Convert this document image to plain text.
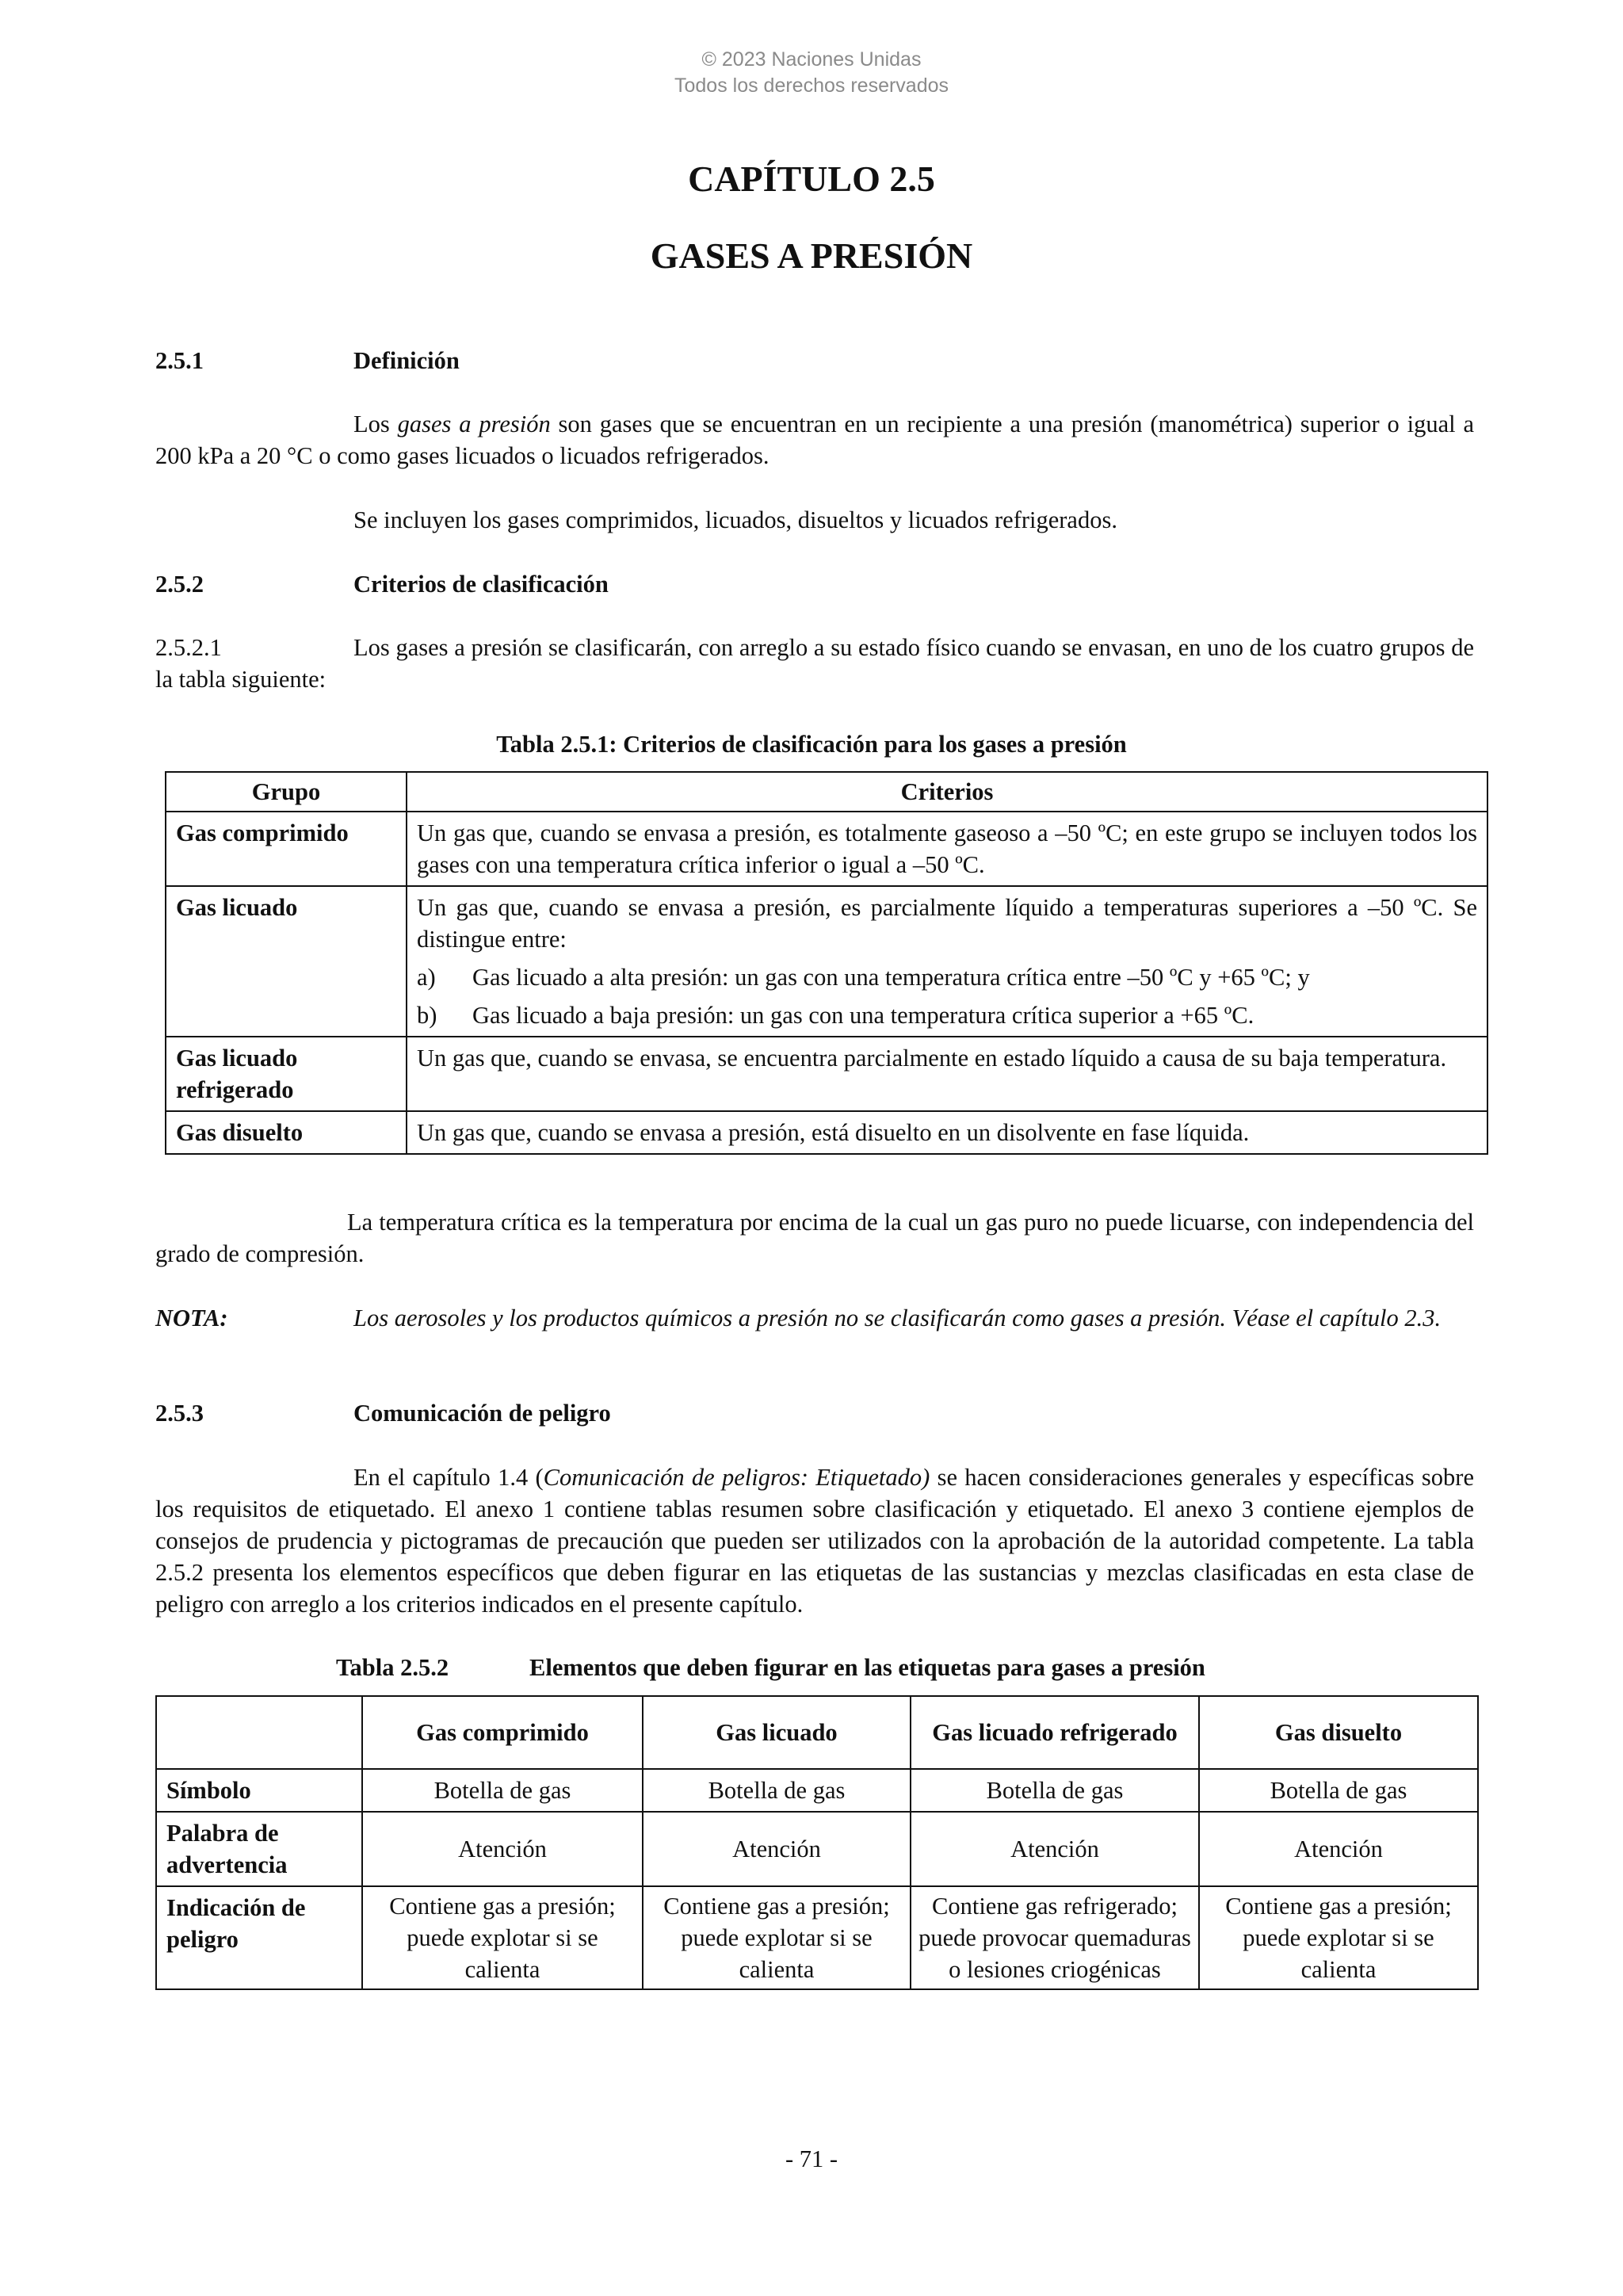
© 2023 Naciones Unidas
Todos los derechos reservados
CAPÍTULO 2.5
GASES A PRESIÓN
2.5.1	Definición
Los gases a presión son gases que se encuentran en un recipiente a una presión (manométrica) superior o igual a 200 kPa a 20 °C o como gases licuados o licuados refrigerados.
Se incluyen los gases comprimidos, licuados, disueltos y licuados refrigerados.
2.5.2	Criterios de clasificación
2.5.2.1	Los gases a presión se clasificarán, con arreglo a su estado físico cuando se envasan, en uno de los cuatro grupos de la tabla siguiente:
Tabla 2.5.1: Criterios de clasificación para los gases a presión
Grupo	Criterios
Gas comprimido	Un gas que, cuando se envasa a presión, es totalmente gaseoso a –50 ºC; en este grupo se incluyen todos los gases con una temperatura crítica inferior o igual a –50 ºC.
Gas licuado	Un gas que, cuando se envasa a presión, es parcialmente líquido a temperaturas superiores a –50 ºC. Se distingue entre:
a) Gas licuado a alta presión: un gas con una temperatura crítica entre –50 ºC y +65 ºC; y
b) Gas licuado a baja presión: un gas con una temperatura crítica superior a +65 ºC.

Gas licuado refrigerado	Un gas que, cuando se envasa, se encuentra parcialmente en estado líquido a causa de su baja temperatura.
Gas disuelto	Un gas que, cuando se envasa a presión, está disuelto en un disolvente en fase líquida.
La temperatura crítica es la temperatura por encima de la cual un gas puro no puede licuarse, con independencia del grado de compresión.
NOTA:	Los aerosoles y los productos químicos a presión no se clasificarán como gases a presión. Véase el capítulo 2.3.
2.5.3	Comunicación de peligro
En el capítulo 1.4 (Comunicación de peligros: Etiquetado) se hacen consideraciones generales y específicas sobre los requisitos de etiquetado. El anexo 1 contiene tablas resumen sobre clasificación y etiquetado. El anexo 3 contiene ejemplos de consejos de prudencia y pictogramas de precaución que pueden ser utilizados con la aprobación de la autoridad competente. La tabla 2.5.2 presenta los elementos específicos que deben figurar en las etiquetas de las sustancias y mezclas clasificadas en esta clase de peligro con arreglo a los criterios indicados en el presente capítulo.
Tabla 2.5.2	Elementos que deben figurar en las etiquetas para gases a presión
	Gas comprimido	Gas licuado	Gas licuado refrigerado	Gas disuelto
Símbolo	Botella de gas	Botella de gas	Botella de gas	Botella de gas
Palabra de advertencia	Atención	Atención	Atención	Atención
Indicación de peligro	Contiene gas a presión; puede explotar si se calienta	Contiene gas a presión; puede explotar si se calienta	Contiene gas refrigerado; puede provocar quemaduras o lesiones criogénicas	Contiene gas a presión; puede explotar si se calienta
- 71 -
